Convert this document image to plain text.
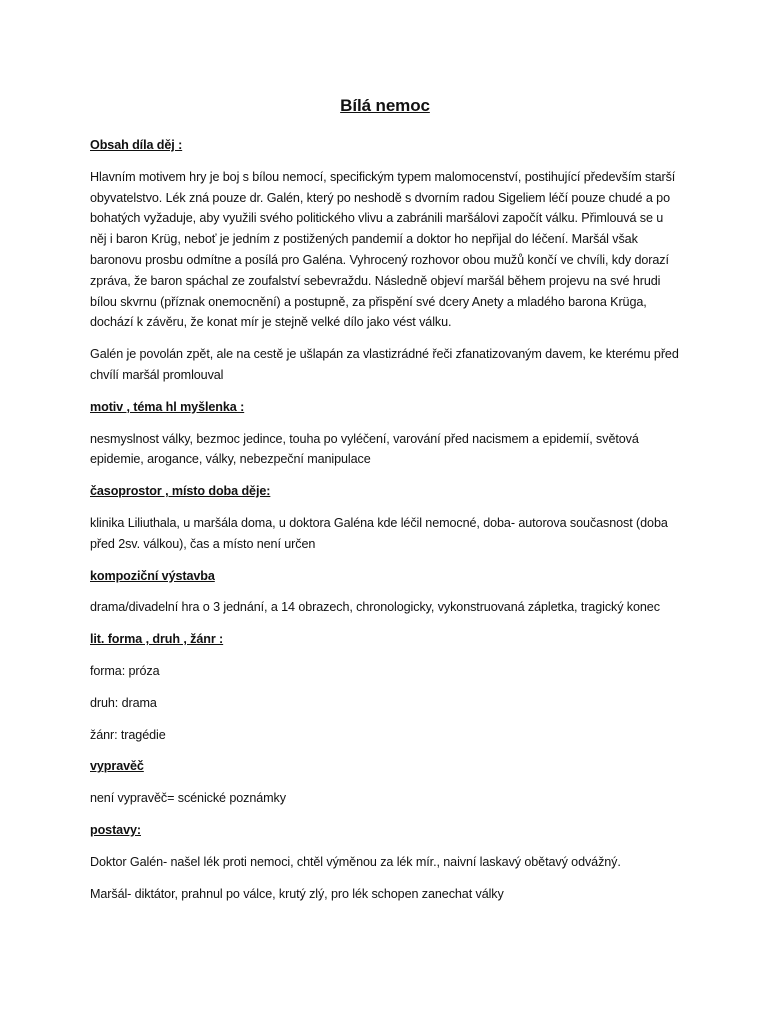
Bílá nemoc
Obsah díla děj :
Hlavním motivem hry je boj s bílou nemocí, specifickým typem malomocenství, postihující především starší obyvatelstvo. Lék zná pouze dr. Galén, který po neshodě s dvorním radou Sigeliem léčí pouze chudé a po bohatých vyžaduje, aby využili svého politického vlivu a zabránili maršálovi započít válku. Přimlouvá se u něj i baron Krüg, neboť je jedním z postižených pandemií a doktor ho nepřijal do léčení. Maršál však baronovu prosbu odmítne a posílá pro Galéna. Vyhrocený rozhovor obou mužů končí ve chvíli, kdy dorazí zpráva, že baron spáchal ze zoufalství sebevraždu. Následně objeví maršál během projevu na své hrudi bílou skvrnu (příznak onemocnění) a postupně, za přispění své dcery Anety a mladého barona Krüga, dochází k závěru, že konat mír je stejně velké dílo jako vést válku.
Galén je povolán zpět, ale na cestě je ušlapán za vlastizrádné řeči zfanatizovaným davem, ke kterému před chvílí maršál promlouval
motiv , téma hl myšlenka :
nesmyslnost války, bezmoc jedince, touha po vyléčení, varování před nacismem a epidemií, světová epidemie, arogance, války, nebezpeční manipulace
časoprostor , místo doba děje:
klinika Liliuthala, u maršála doma, u doktora Galéna kde léčil nemocné, doba- autorova současnost (doba před 2sv. válkou), čas a místo není určen
kompoziční výstavba
drama/divadelní hra o 3 jednání, a 14 obrazech, chronologicky, vykonstruovaná zápletka, tragický konec
lit. forma , druh , žánr :
forma: próza
druh: drama
žánr: tragédie
vypravěč
není vypravěč= scénické poznámky
postavy:
Doktor Galén- našel lék proti nemoci, chtěl výměnou za lék mír., naivní laskavý obětavý odvážný.
Maršál- diktátor, prahnul po válce, krutý zlý, pro lék schopen zanechat války
